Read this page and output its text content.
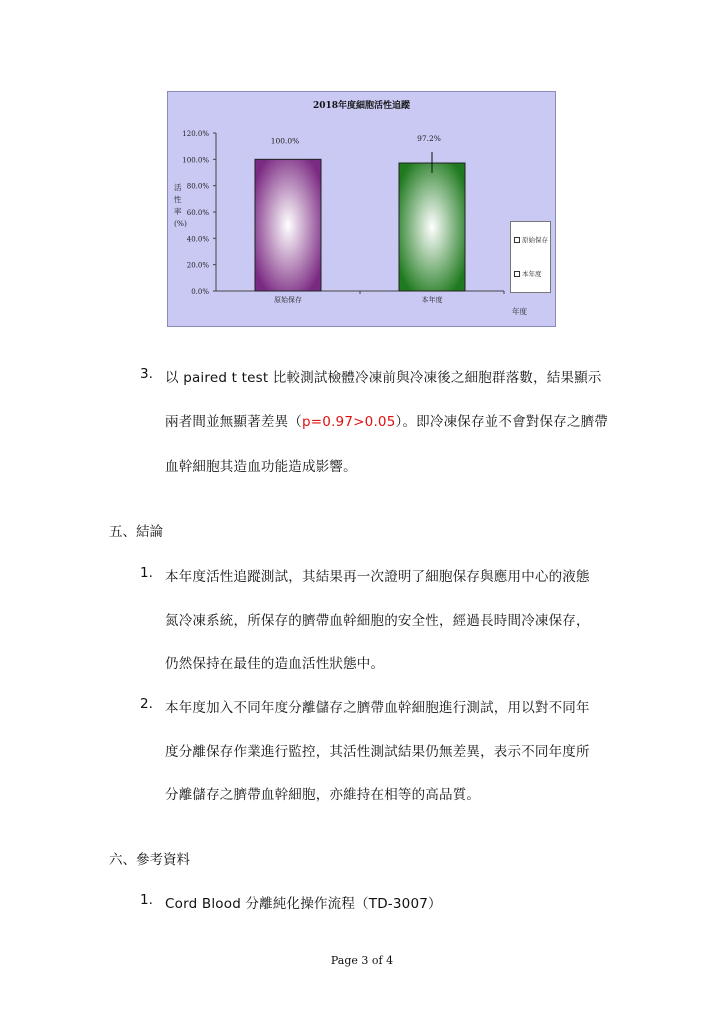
2018年度細胞活性追蹤
活
性
率
(%)
0.0%
20.0%
40.0%
60.0%
80.0%
100.0%
120.0%
100.0%
原始保存
97.2%
本年度
原始保存
本年度
年度
3. 以 paired t test 比較測試檢體冷凍前與冷凍後之細胞群落數，結果顯示
兩者間並無顯著差異（p=0.97>0.05）。即冷凍保存並不會對保存之臍帶
血幹細胞其造血功能造成影響。
五、結論
1. 本年度活性追蹤測試，其結果再一次證明了細胞保存與應用中心的液態
氮冷凍系統，所保存的臍帶血幹細胞的安全性，經過長時間冷凍保存，
仍然保持在最佳的造血活性狀態中。
2. 本年度加入不同年度分離儲存之臍帶血幹細胞進行測試，用以對不同年
度分離保存作業進行監控，其活性測試結果仍無差異，表示不同年度所
分離儲存之臍帶血幹細胞，亦維持在相等的高品質。
六、參考資料
1. Cord Blood 分離純化操作流程（TD-3007）
Page 3 of 4
